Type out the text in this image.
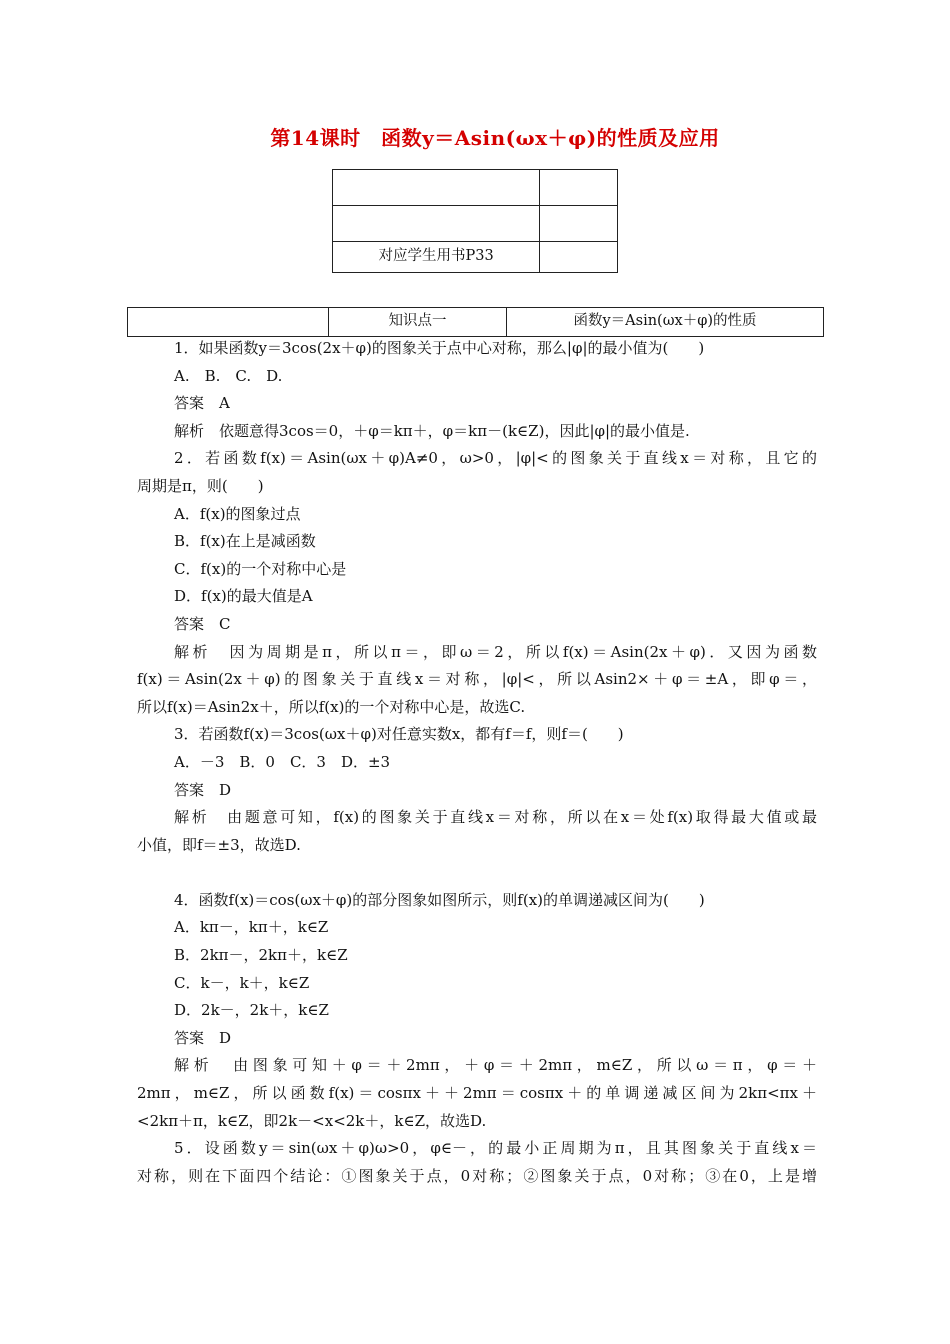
第14课时　函数y＝Asin(ωx＋φ)的性质及应用

对应学生用书P33	
	知识点一	函数y＝Asin(ωx＋φ)的性质
1．如果函数y＝3cos(2x＋φ)的图象关于点中心对称，那么|φ|的最小值为(　　)
A.　B.　C.　D.
答案　A
解析　依题意得3cos＝0，＋φ＝kπ＋，φ＝kπ－(k∈Z)，因此|φ|的最小值是.
2．若函数f(x)＝Asin(ωx＋φ)A≠0，ω>0，|φ|<的图象关于直线x＝对称，且它的
周期是π，则(　　)
A．f(x)的图象过点
B．f(x)在上是减函数
C．f(x)的一个对称中心是
D．f(x)的最大值是A
答案　C
解析　因为周期是π，所以π＝，即ω＝2，所以f(x)＝Asin(2x＋φ)．又因为函数
f(x)＝Asin(2x＋φ)的图象关于直线x＝对称，|φ|<，所以Asin2×＋φ＝±A，即φ＝，
所以f(x)＝Asin2x＋，所以f(x)的一个对称中心是，故选C.
3．若函数f(x)＝3cos(ωx＋φ)对任意实数x，都有f＝f，则f＝(　　)
A．－3　B．0　C．3　D．±3
答案　D
解析　由题意可知，f(x)的图象关于直线x＝对称，所以在x＝处f(x)取得最大值或最
小值，即f＝±3，故选D.
4．函数f(x)＝cos(ωx＋φ)的部分图象如图所示，则f(x)的单调递减区间为(　　)
A．kπ－，kπ＋，k∈Z
B．2kπ－，2kπ＋，k∈Z
C．k－，k＋，k∈Z
D．2k－，2k＋，k∈Z
答案　D
解析　由图象可知＋φ＝＋2mπ，＋φ＝＋2mπ，m∈Z，所以ω＝π，φ＝＋
2mπ，m∈Z，所以函数f(x)＝cosπx＋＋2mπ＝cosπx＋的单调递减区间为2kπ<πx＋
<2kπ＋π，k∈Z，即2k－<x<2k＋，k∈Z，故选D.
5．设函数y＝sin(ωx＋φ)ω>0，φ∈－，的最小正周期为π，且其图象关于直线x＝
对称，则在下面四个结论：①图象关于点，0对称；②图象关于点，0对称；③在0，上是增
